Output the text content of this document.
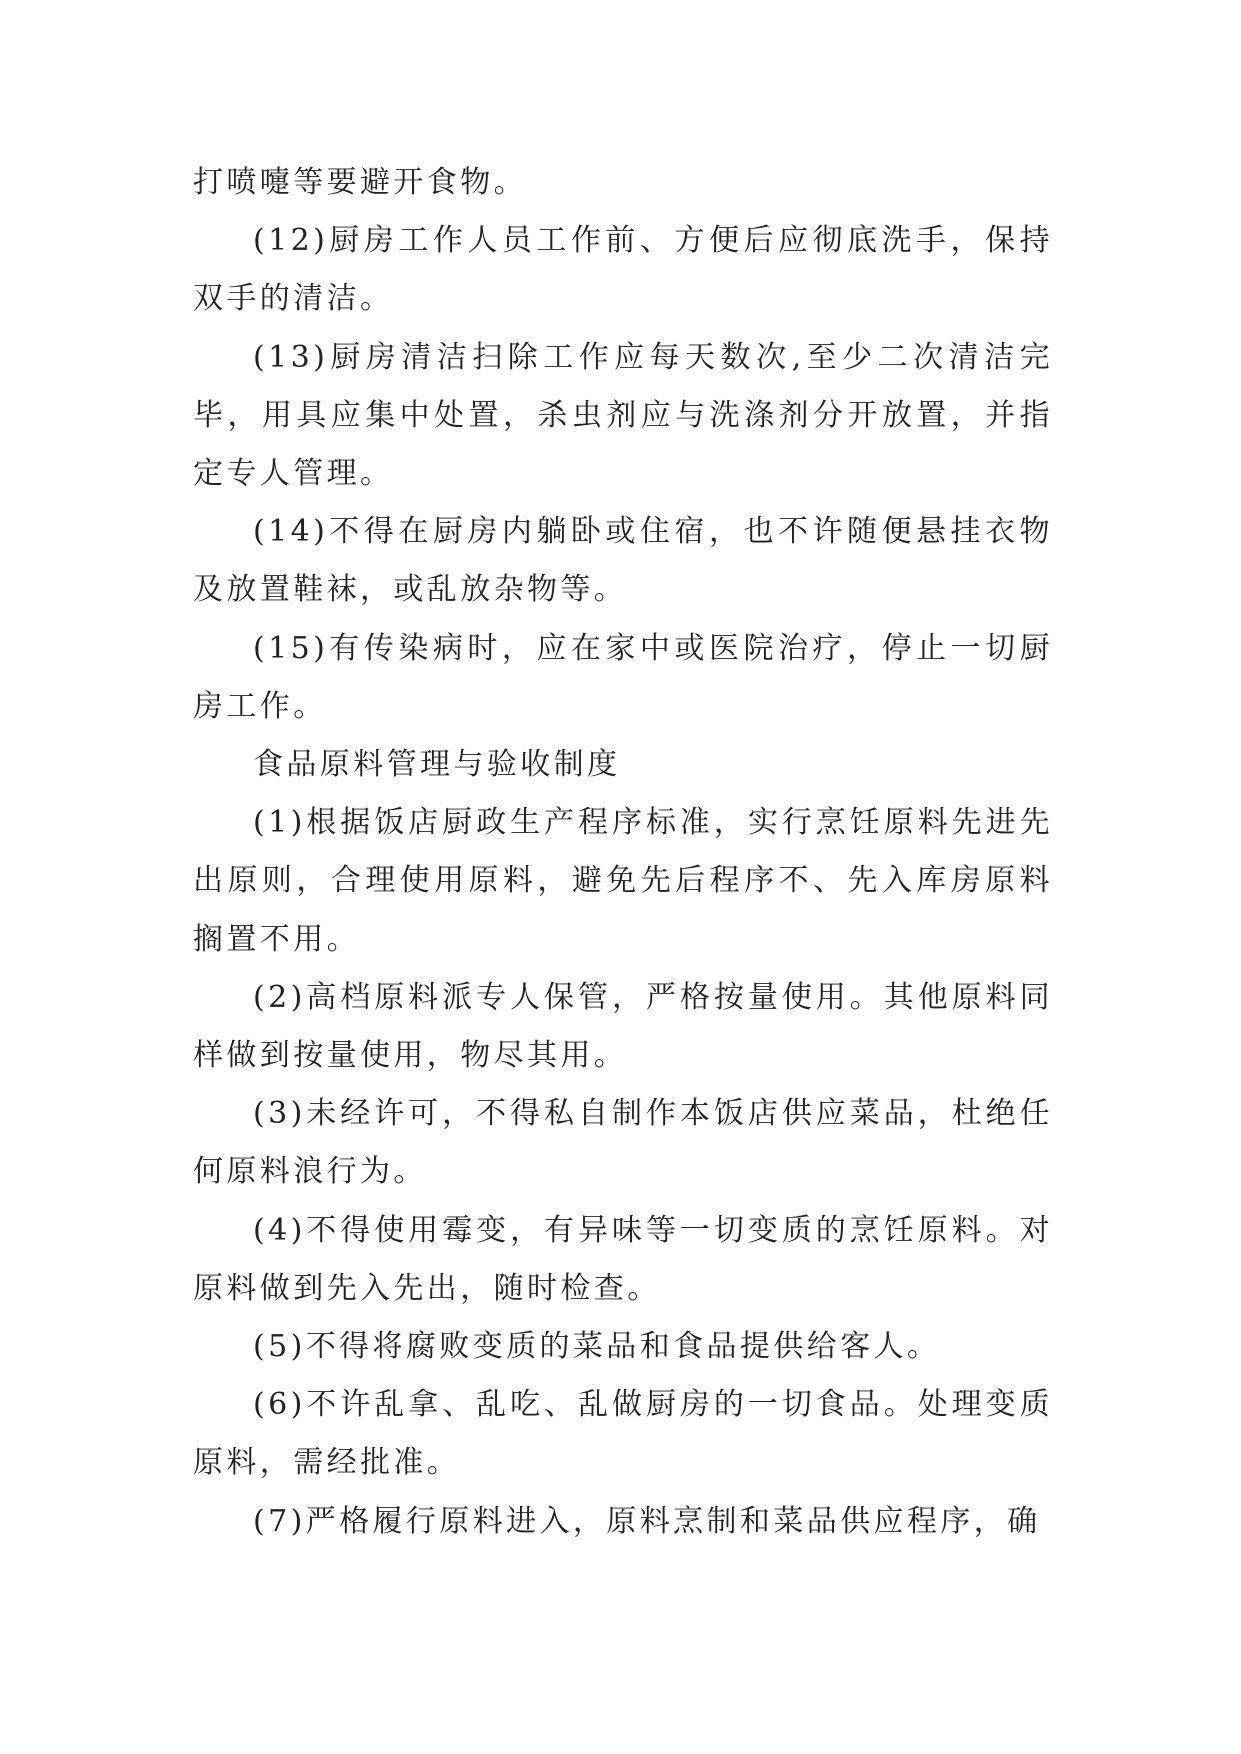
打喷嚏等要避开食物。

(12)厨房工作人员工作前、方便后应彻底洗手，保持双手的清洁。

(13)厨房清洁扫除工作应每天数次,至少二次清洁完毕，用具应集中处置，杀虫剂应与洗涤剂分开放置，并指定专人管理。

(14)不得在厨房内躺卧或住宿，也不许随便悬挂衣物及放置鞋袜，或乱放杂物等。

(15)有传染病时，应在家中或医院治疗，停止一切厨房工作。

食品原料管理与验收制度

(1)根据饭店厨政生产程序标准，实行烹饪原料先进先出原则，合理使用原料，避免先后程序不、先入库房原料搁置不用。

(2)高档原料派专人保管，严格按量使用。其他原料同样做到按量使用，物尽其用。

(3)未经许可，不得私自制作本饭店供应菜品，杜绝任何原料浪行为。

(4)不得使用霉变，有异味等一切变质的烹饪原料。对原料做到先入先出，随时检查。

(5)不得将腐败变质的菜品和食品提供给客人。

(6)不许乱拿、乱吃、乱做厨房的一切食品。处理变质原料，需经批准。

(7)严格履行原料进入，原料烹制和菜品供应程序，确
